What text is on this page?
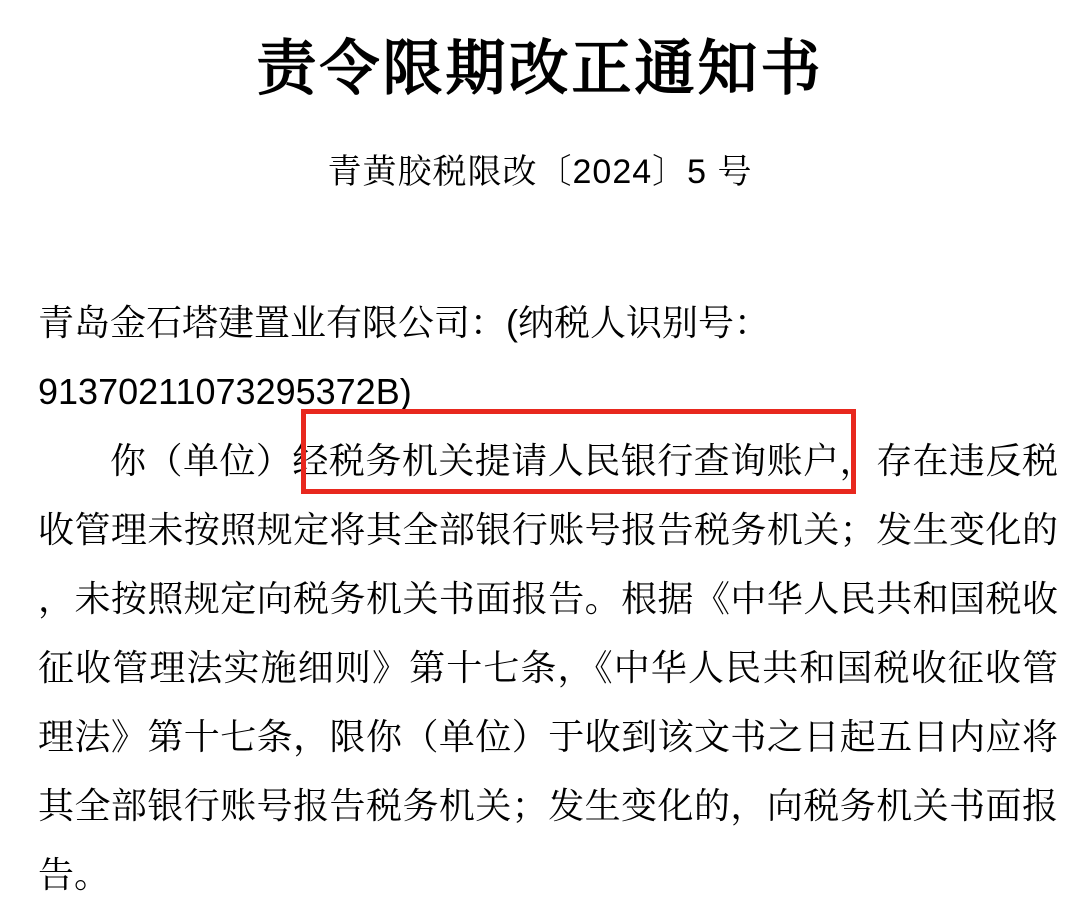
责令限期改正通知书
青黄胶税限改〔2024〕5 号
青岛金石塔建置业有限公司：(纳税人识别号：
91370211073295372B)
你（单位）经税务机关提请人民银行查询账户，存在违反税
收管理未按照规定将其全部银行账号报告税务机关；发生变化的
，未按照规定向税务机关书面报告。根据《中华人民共和国税收
征收管理法实施细则》第十七条，《中华人民共和国税收征收管
理法》第十七条，限你（单位）于收到该文书之日起五日内应将
其全部银行账号报告税务机关；发生变化的，向税务机关书面报
告。
